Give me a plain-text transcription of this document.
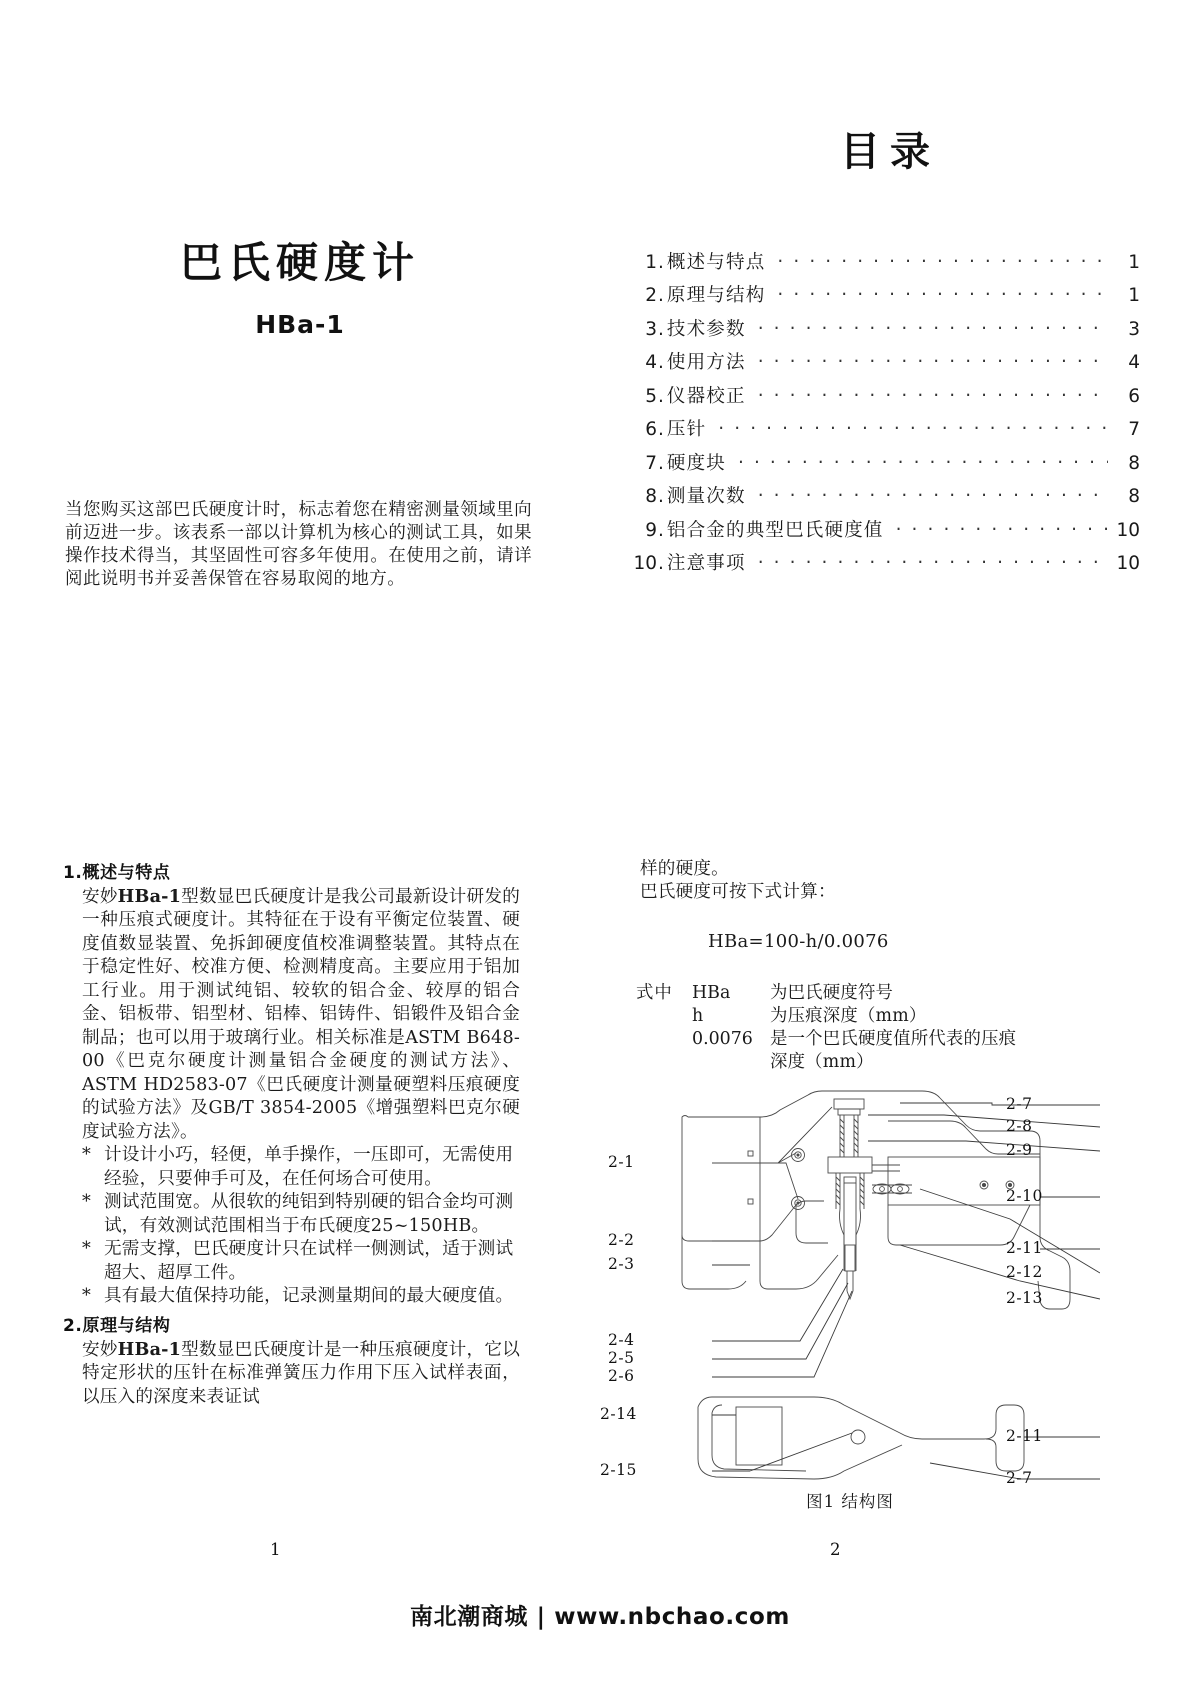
巴氏硬度计
HBa-1

当您购买这部巴氏硬度计时，标志着您在精密测量领域里向前迈进一步。该表系一部以计算机为核心的测试工具，如果操作技术得当，其坚固性可容多年使用。在使用之前，请详阅此说明书并妥善保管在容易取阅的地方。

目录
1 . 概述与特点 . . .	1
2 . 原理与结构 . . .	1
3 . 技术参数 . . .	3
4 . 使用方法 . . .	4
5 . 仪器校正 . . .	6
6 . 压针 . . .	7
7 . 硬度块 . . .	8
8 . 测量次数 . . .	8
9 . 铝合金的典型巴氏硬度值 . . .	10
10 . 注意事项 . . .	10
1.概述与特点

安妙HBa-1型数显巴氏硬度计是我公司最新设计研发的一种压痕式硬度计。其特征在于设有平衡定位装置、硬度值数显装置、免拆卸硬度值校准调整装置。其特点在于稳定性好、校准方便、检测精度高。主要应用于铝加工行业。用于测试纯铝、较软的铝合金、较厚的铝合金、铝板带、铝型材、铝棒、铝铸件、铝锻件及铝合金制品；也可以用于玻璃行业。相关标准是ASTM B648-00《巴克尔硬度计测量铝合金硬度的测试方法》、ASTM HD2583-07《巴氏硬度计测量硬塑料压痕硬度的试验方法》及GB/T 3854-2005《增强塑料巴克尔硬度试验方法》。

* 计设计小巧，轻便，单手操作，一压即可，无需使用经验，只要伸手可及，在任何场合可使用。
* 测试范围宽。从很软的纯铝到特别硬的铝合金均可测试，有效测试范围相当于布氏硬度25~150HB。
* 无需支撑，巴氏硬度计只在试样一侧测试，适于测试超大、超厚工件。
* 具有最大值保持功能，记录测量期间的最大硬度值。
2.原理与结构

安妙HBa-1型数显巴氏硬度计是一种压痕硬度计，它以特定形状的压针在标准弹簧压力作用下压入试样表面，以压入的深度来表证试

样的硬度。

巴氏硬度可按下式计算：

HBa=100-h/0.0076

式中	HBa	为巴氏硬度符号
h	为压痕深度（mm）
0.0076 是一个巴氏硬度值所代表的压痕
深度（mm）
2-1
2-2
2-3
2-4
2-5
2-6
2-14
2-15
2-7
2-8
2-9
2-10
2-11
2-12
2-13
2-11
2-7
图1 结构图
1	2
南北潮商城 | www.nbchao.com
